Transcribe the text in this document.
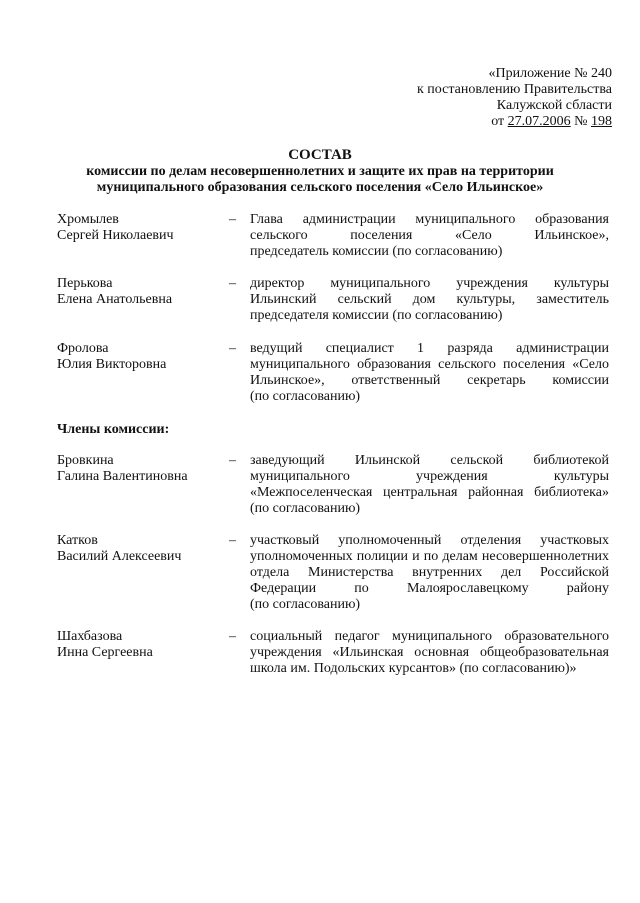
«Приложение № 240
к постановлению Правительства
Калужской сбласти
от 27.07.2006 № 198
СОСТАВ
комиссии по делам несовершеннолетних и защите их прав на территории
муниципального образования сельского поселения «Село Ильинское»
Хромылев
Сергей Николаевич
– Глава администрации муниципального образования
сельского поселения «Село Ильинское»,
председатель комиссии (по согласованию)
Перькова
Елена Анатольевна
– директор муниципального учреждения культуры
Ильинский сельский дом культуры, заместитель
председателя комиссии (по согласованию)
Фролова
Юлия Викторовна
– ведущий специалист 1 разряда администрации
муниципального образования сельского поселения «Село
Ильинское», ответственный секретарь комиссии
(по согласованию)
Члены комиссии:
Бровкина
Галина Валентиновна
– заведующий Ильинской сельской библиотекой
муниципального учреждения культуры
«Межпоселенческая центральная районная библиотека»
(по согласованию)
Катков
Василий Алексеевич
– участковый уполномоченный отделения участковых
уполномоченных полиции и по делам несовершеннолетних
отдела Министерства внутренних дел Российской
Федерации по Малоярославецкому району
(по согласованию)
Шахбазова
Инна Сергеевна
– социальный педагог муниципального образовательного
учреждения «Ильинская основная общеобразовательная
школа им. Подольских курсантов» (по согласованию)»
